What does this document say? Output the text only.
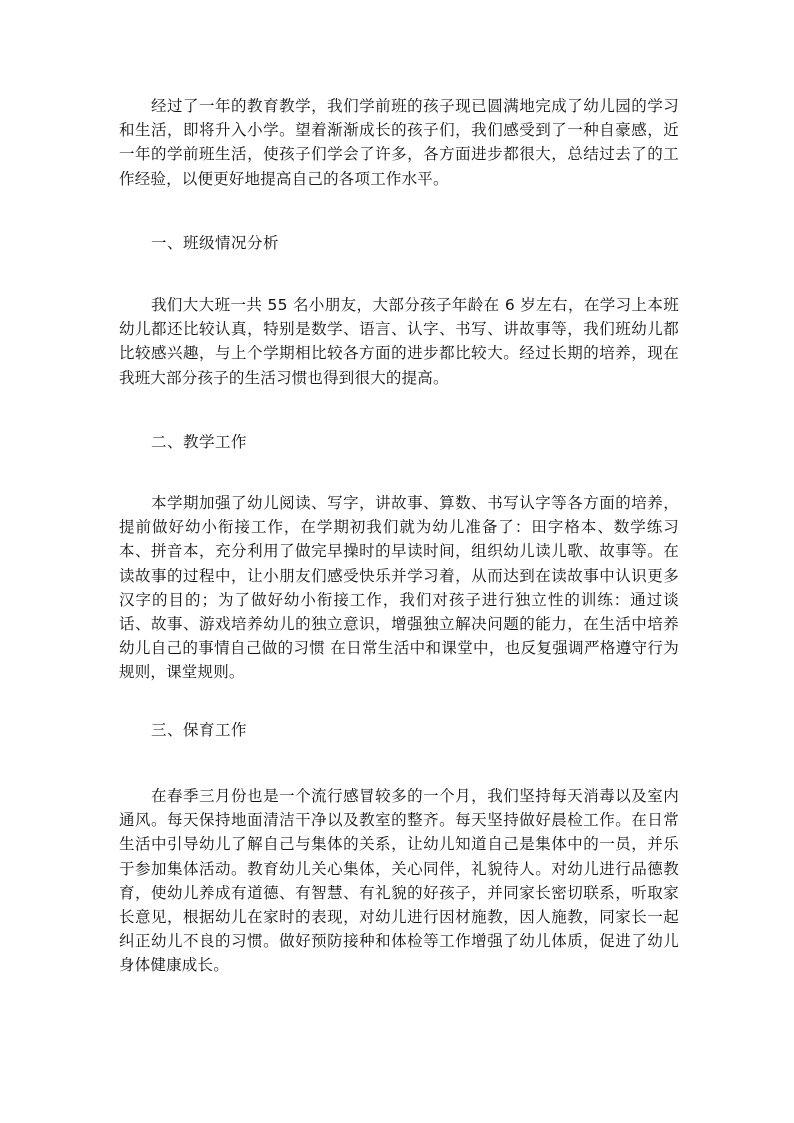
经过了一年的教育教学，我们学前班的孩子现已圆满地完成了幼儿园的学习和生活，即将升入小学。望着渐渐成长的孩子们，我们感受到了一种自豪感，近一年的学前班生活，使孩子们学会了许多，各方面进步都很大，总结过去了的工作经验，以便更好地提高自己的各项工作水平。

一、班级情况分析

我们大大班一共 55 名小朋友，大部分孩子年龄在 6 岁左右，在学习上本班幼儿都还比较认真，特别是数学、语言、认字、书写、讲故事等，我们班幼儿都比较感兴趣，与上个学期相比较各方面的进步都比较大。经过长期的培养，现在我班大部分孩子的生活习惯也得到很大的提高。

二、教学工作

本学期加强了幼儿阅读、写字，讲故事、算数、书写认字等各方面的培养，提前做好幼小衔接工作，在学期初我们就为幼儿准备了：田字格本、数学练习本、拼音本，充分利用了做完早操时的早读时间，组织幼儿读儿歌、故事等。在读故事的过程中，让小朋友们感受快乐并学习着，从而达到在读故事中认识更多汉字的目的；为了做好幼小衔接工作，我们对孩子进行独立性的训练：通过谈话、故事、游戏培养幼儿的独立意识，增强独立解决问题的能力，在生活中培养幼儿自己的事情自己做的习惯 在日常生活中和课堂中，也反复强调严格遵守行为规则，课堂规则。

三、保育工作

在春季三月份也是一个流行感冒较多的一个月，我们坚持每天消毒以及室内通风。每天保持地面清洁干净以及教室的整齐。每天坚持做好晨检工作。在日常生活中引导幼儿了解自己与集体的关系，让幼儿知道自己是集体中的一员，并乐于参加集体活动。教育幼儿关心集体，关心同伴，礼貌待人。对幼儿进行品德教育，使幼儿养成有道德、有智慧、有礼貌的好孩子，并同家长密切联系，听取家长意见，根据幼儿在家时的表现，对幼儿进行因材施教，因人施教，同家长一起纠正幼儿不良的习惯。做好预防接种和体检等工作增强了幼儿体质，促进了幼儿身体健康成长。
